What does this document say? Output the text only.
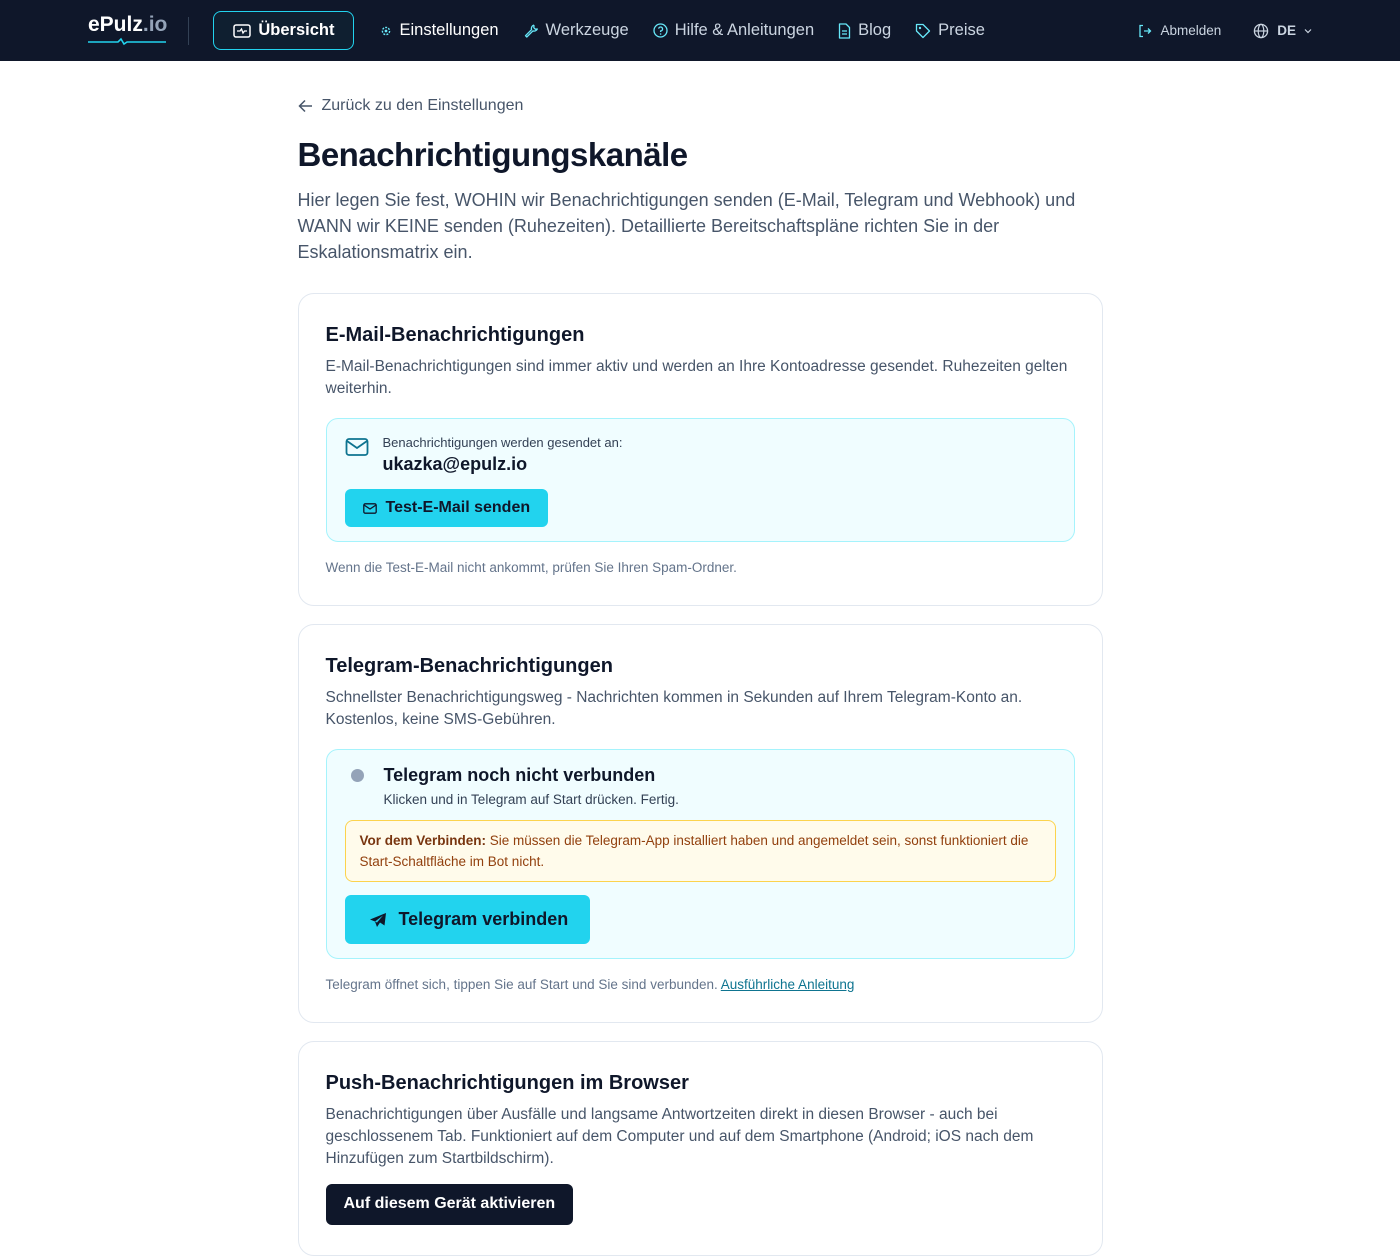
ePulz.io	Übersicht	Einstellungen	Werkzeuge	Hilfe & Anleitungen	Blog	Preise	Abmelden	DE
Zurück zu den Einstellungen
Benachrichtigungskanäle

Hier legen Sie fest, WOHIN wir Benachrichtigungen senden (E-Mail, Telegram und Webhook) und WANN wir KEINE senden (Ruhezeiten). Detaillierte Bereitschaftspläne richten Sie in der Eskalationsmatrix ein.

E-Mail-Benachrichtigungen

E-Mail-Benachrichtigungen sind immer aktiv und werden an Ihre Kontoadresse gesendet. Ruhezeiten gelten weiterhin.

Benachrichtigungen werden gesendet an:
ukazka@epulz.io
Test-E-Mail senden

Wenn die Test-E-Mail nicht ankommt, prüfen Sie Ihren Spam-Ordner.

Telegram-Benachrichtigungen

Schnellster Benachrichtigungsweg - Nachrichten kommen in Sekunden auf Ihrem Telegram-Konto an. Kostenlos, keine SMS-Gebühren.

Telegram noch nicht verbunden
Klicken und in Telegram auf Start drücken. Fertig.
Vor dem Verbinden: Sie müssen die Telegram-App installiert haben und angemeldet sein, sonst funktioniert die Start-Schaltfläche im Bot nicht.
Telegram verbinden

Telegram öffnet sich, tippen Sie auf Start und Sie sind verbunden. Ausführliche Anleitung

Push-Benachrichtigungen im Browser

Benachrichtigungen über Ausfälle und langsame Antwortzeiten direkt in diesen Browser - auch bei geschlossenem Tab. Funktioniert auf dem Computer und auf dem Smartphone (Android; iOS nach dem Hinzufügen zum Startbildschirm).

Auf diesem Gerät aktivieren
